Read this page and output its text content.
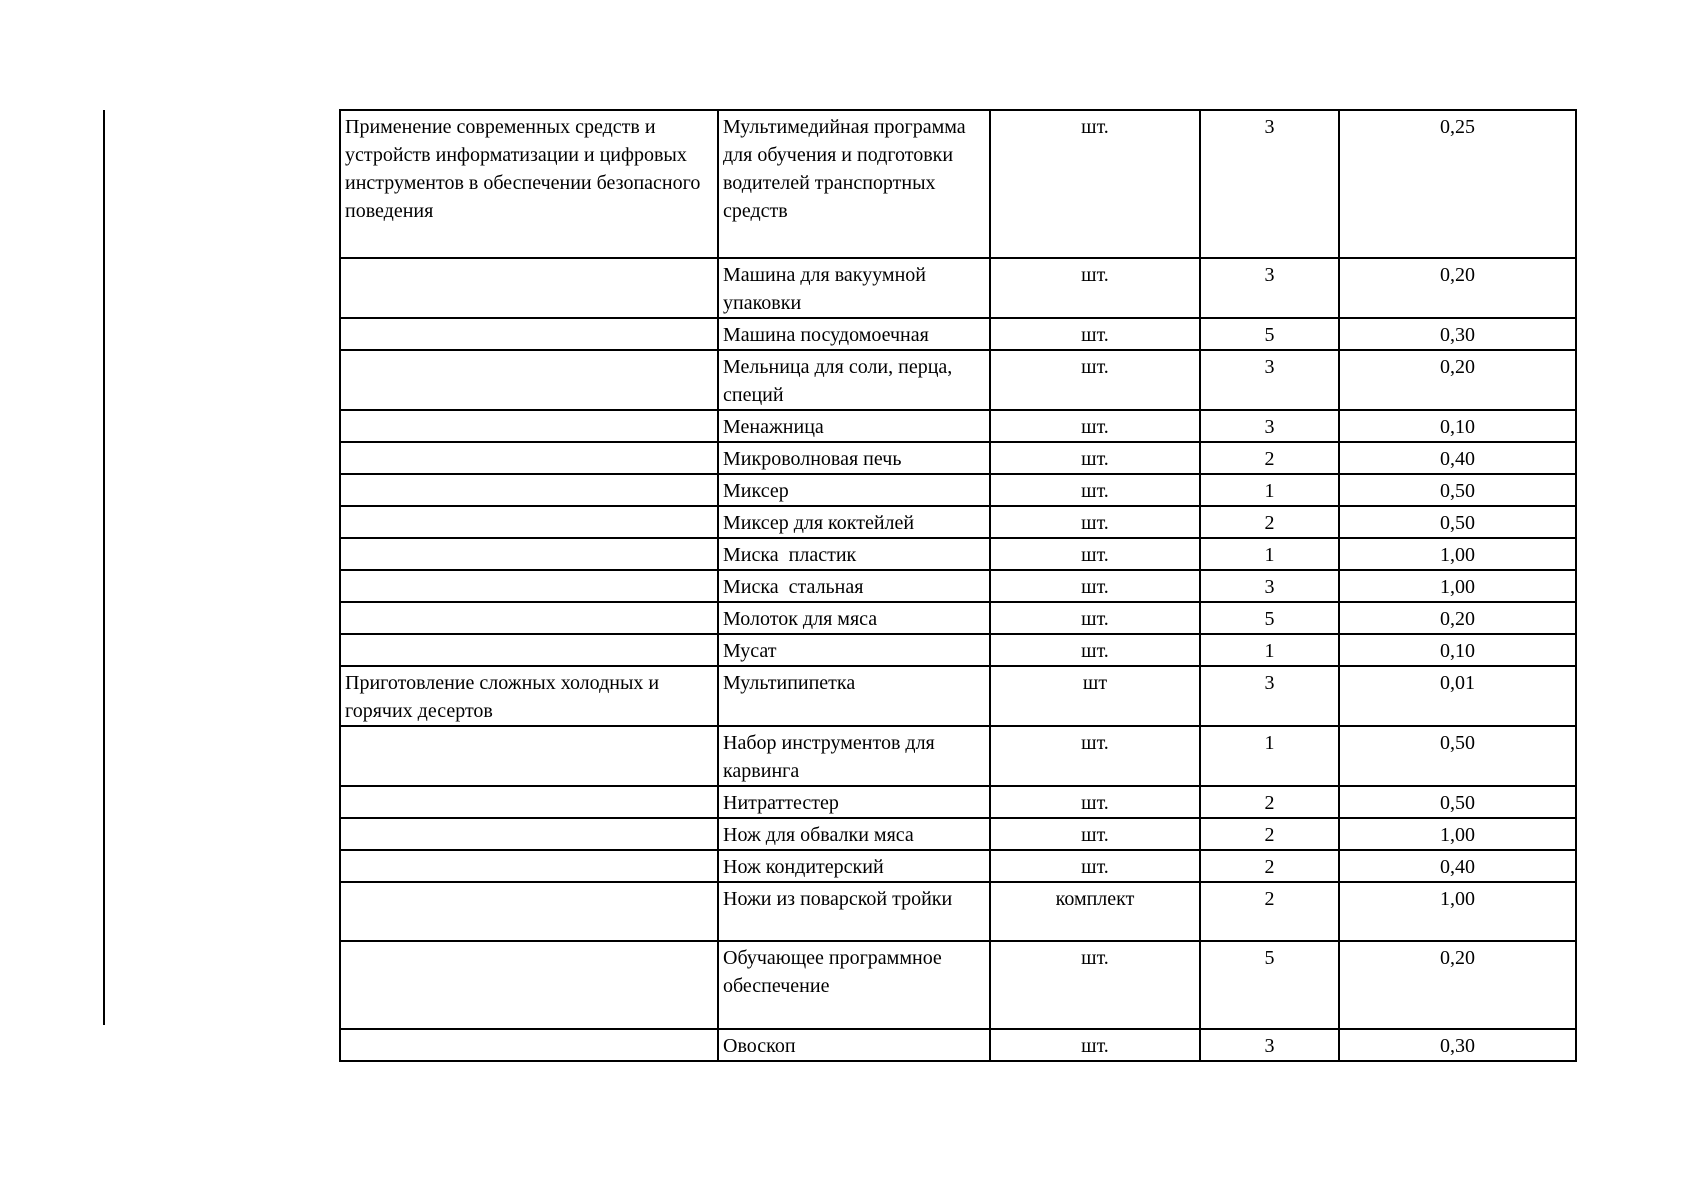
Применение современных средств и устройств информатизации и цифровых инструментов в обеспечении безопасного поведения	Мультимедийная программа для обучения и подготовки водителей транспортных средств	шт.	3	0,25
	Машина для вакуумной упаковки	шт.	3	0,20
	Машина посудомоечная	шт.	5	0,30
	Мельница для соли, перца, специй	шт.	3	0,20
	Менажница	шт.	3	0,10
	Микроволновая печь	шт.	2	0,40
	Миксер	шт.	1	0,50
	Миксер для коктейлей	шт.	2	0,50
	Миска  пластик	шт.	1	1,00
	Миска  стальная	шт.	3	1,00
	Молоток для мяса	шт.	5	0,20
	Мусат	шт.	1	0,10
Приготовление сложных холодных и горячих десертов	Мультипипетка	шт	3	0,01
	Набор инструментов для карвинга	шт.	1	0,50
	Нитраттестер	шт.	2	0,50
	Нож для обвалки мяса	шт.	2	1,00
	Нож кондитерский	шт.	2	0,40
	Ножи из поварской тройки	комплект	2	1,00
	Обучающее программное обеспечение	шт.	5	0,20
	Овоскоп	шт.	3	0,30
